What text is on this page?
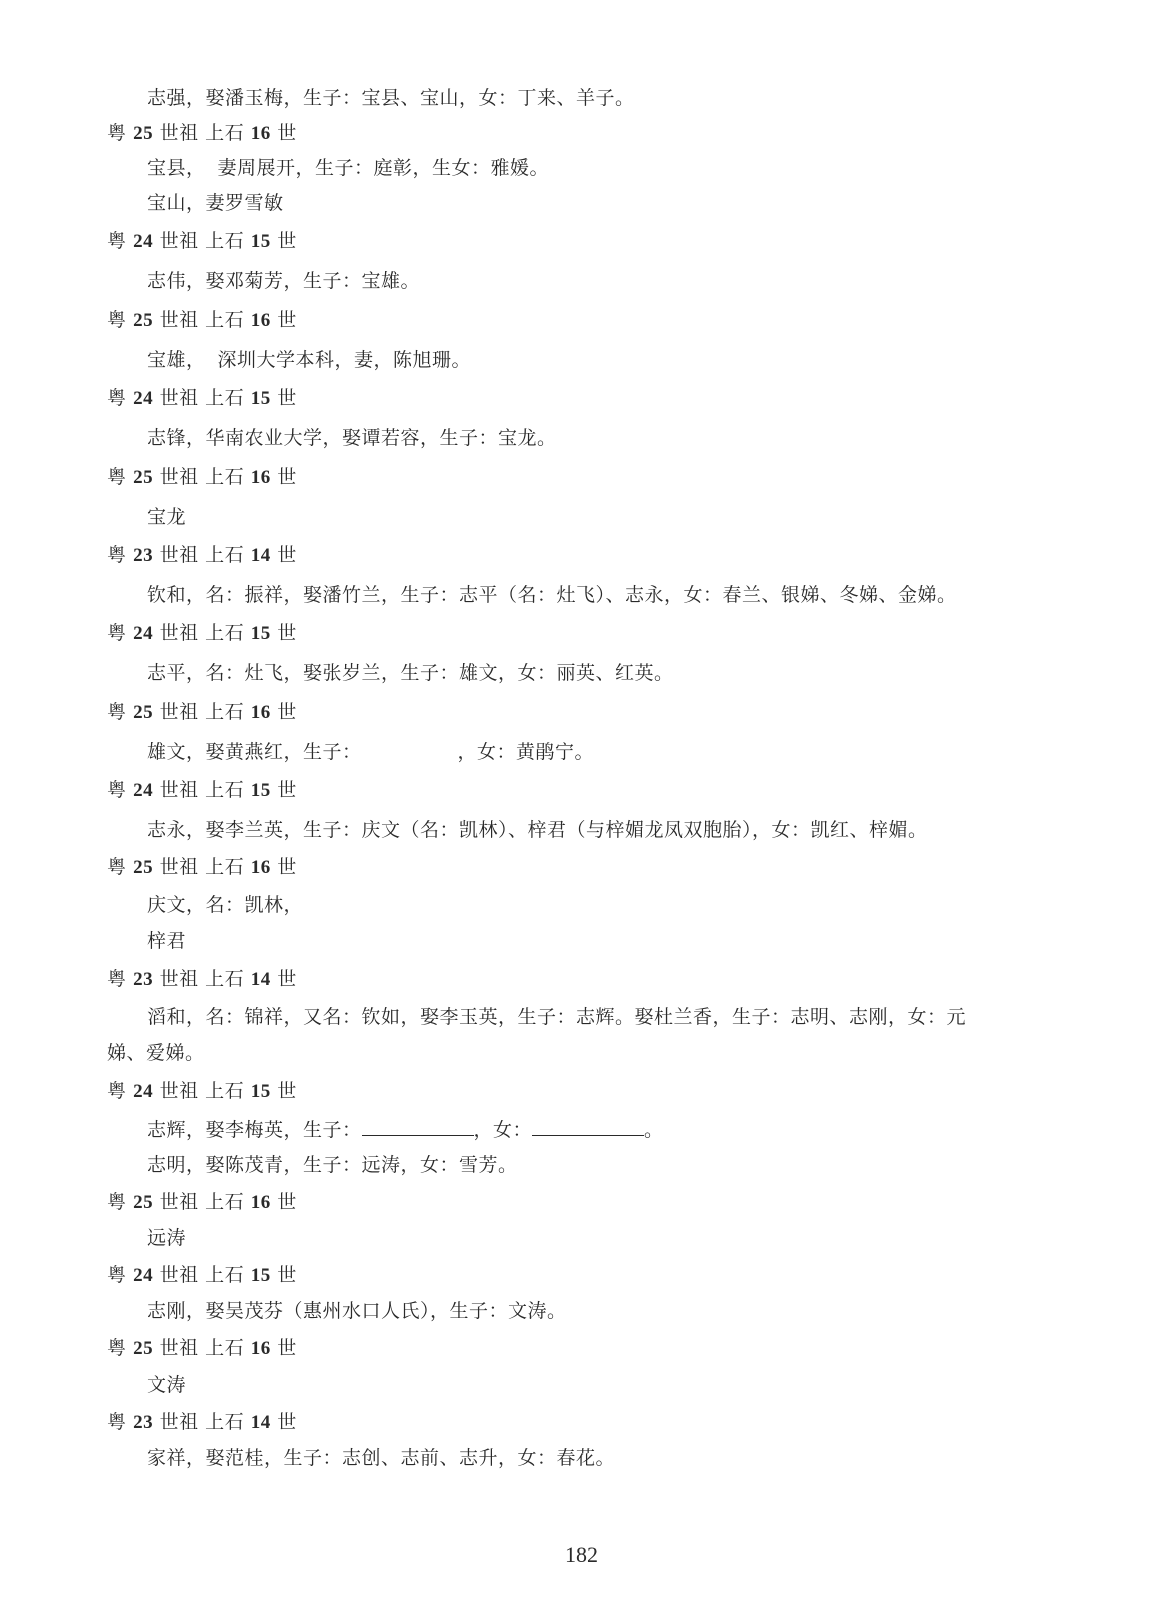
志强，娶潘玉梅，生子：宝县、宝山，女：丁来、羊子。
粤 25 世祖 上石 16 世
宝县， 妻周展开，生子：庭彰，生女：雅媛。
宝山，妻罗雪敏
粤 24 世祖 上石 15 世
志伟，娶邓菊芳，生子：宝雄。
粤 25 世祖 上石 16 世
宝雄， 深圳大学本科，妻，陈旭珊。
粤 24 世祖 上石 15 世
志锋，华南农业大学，娶谭若容，生子：宝龙。
粤 25 世祖 上石 16 世
宝龙
粤 23 世祖 上石 14 世
钦和，名：振祥，娶潘竹兰，生子：志平（名：灶飞）、志永，女：春兰、银娣、冬娣、金娣。
粤 24 世祖 上石 15 世
志平，名：灶飞，娶张岁兰，生子：雄文，女：丽英、红英。
粤 25 世祖 上石 16 世
雄文，娶黄燕红，生子：	，女：黄鹃宁。
粤 24 世祖 上石 15 世
志永，娶李兰英，生子：庆文（名：凯林）、梓君（与梓媚龙凤双胞胎），女：凯红、梓媚。
粤 25 世祖 上石 16 世
庆文，名：凯林，
梓君
粤 23 世祖 上石 14 世
滔和，名：锦祥，又名：钦如，娶李玉英，生子：志辉。娶杜兰香，生子：志明、志刚，女：元
娣、爱娣。
粤 24 世祖 上石 15 世
志辉，娶李梅英，生子：	，女：	。
志明，娶陈茂青，生子：远涛，女：雪芳。
粤 25 世祖 上石 16 世
远涛
粤 24 世祖 上石 15 世
志刚，娶吴茂芬（惠州水口人氏），生子：文涛。
粤 25 世祖 上石 16 世
文涛
粤 23 世祖 上石 14 世
家祥，娶范桂，生子：志创、志前、志升，女：春花。
182
